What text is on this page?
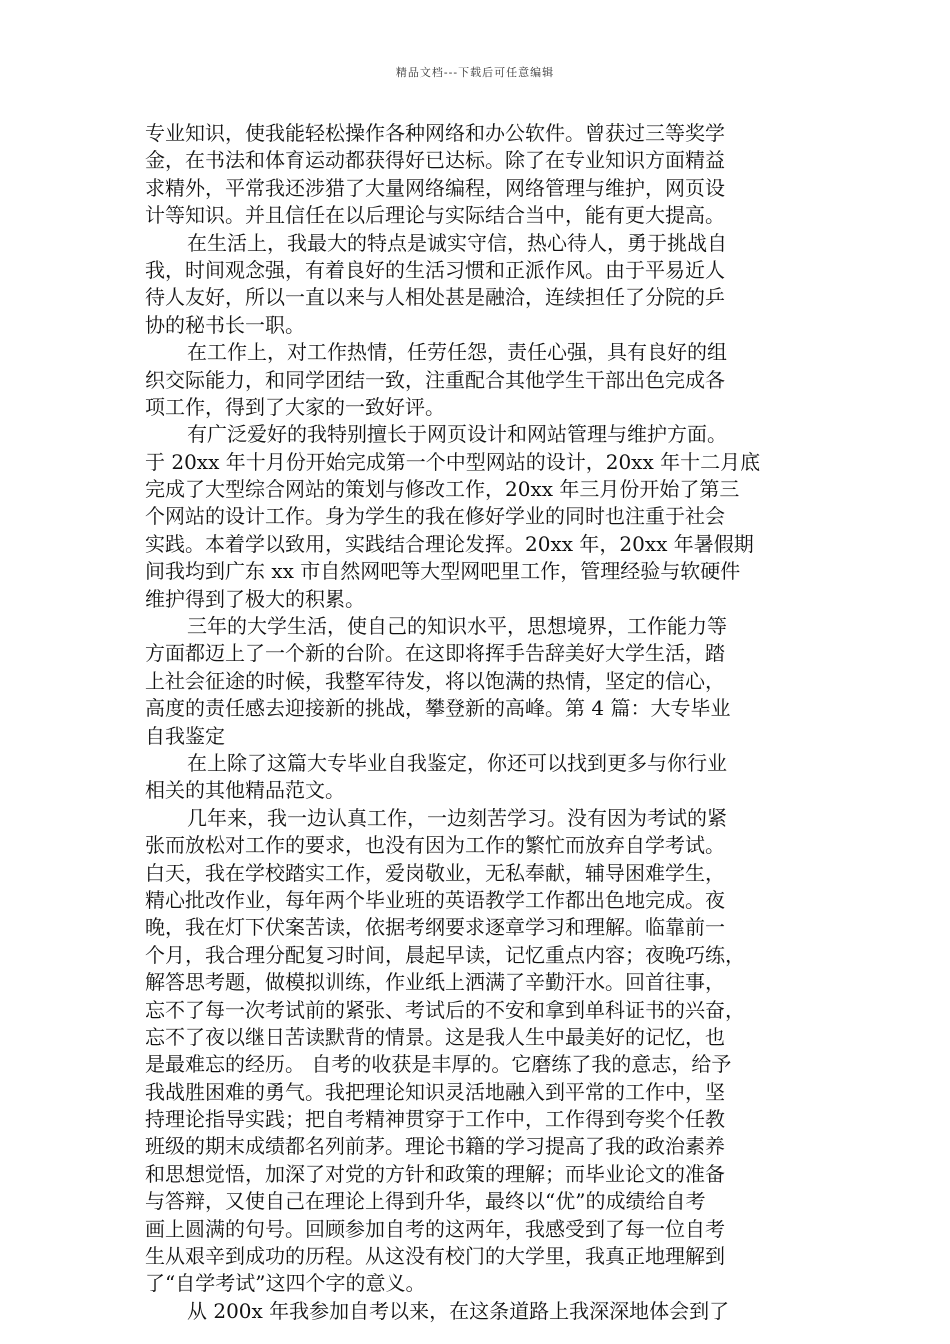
精品文档---下载后可任意编辑
专业知识，使我能轻松操作各种网络和办公软件。曾获过三等奖学
金，在书法和体育运动都获得好已达标。除了在专业知识方面精益
求精外，平常我还涉猎了大量网络编程，网络管理与维护，网页设
计等知识。并且信任在以后理论与实际结合当中，能有更大提高。
在生活上，我最大的特点是诚实守信，热心待人，勇于挑战自
我，时间观念强，有着良好的生活习惯和正派作风。由于平易近人
待人友好，所以一直以来与人相处甚是融洽，连续担任了分院的乒
协的秘书长一职。
在工作上，对工作热情，任劳任怨，责任心强，具有良好的组
织交际能力，和同学团结一致，注重配合其他学生干部出色完成各
项工作，得到了大家的一致好评。
有广泛爱好的我特别擅长于网页设计和网站管理与维护方面。
于 20xx 年十月份开始完成第一个中型网站的设计，20xx 年十二月底
完成了大型综合网站的策划与修改工作，20xx 年三月份开始了第三
个网站的设计工作。身为学生的我在修好学业的同时也注重于社会
实践。本着学以致用，实践结合理论发挥。20xx 年，20xx 年暑假期
间我均到广东 xx 市自然网吧等大型网吧里工作，管理经验与软硬件
维护得到了极大的积累。
三年的大学生活，使自己的知识水平，思想境界，工作能力等
方面都迈上了一个新的台阶。在这即将挥手告辞美好大学生活，踏
上社会征途的时候，我整军待发，将以饱满的热情，坚定的信心，
高度的责任感去迎接新的挑战，攀登新的高峰。第 4 篇：大专毕业
自我鉴定
在上除了这篇大专毕业自我鉴定，你还可以找到更多与你行业
相关的其他精品范文。
几年来，我一边认真工作，一边刻苦学习。没有因为考试的紧
张而放松对工作的要求，也没有因为工作的繁忙而放弃自学考试。
白天，我在学校踏实工作，爱岗敬业，无私奉献，辅导困难学生，
精心批改作业，每年两个毕业班的英语教学工作都出色地完成。夜
晚，我在灯下伏案苦读，依据考纲要求逐章学习和理解。临靠前一
个月，我合理分配复习时间，晨起早读，记忆重点内容；夜晚巧练，
解答思考题，做模拟训练，作业纸上洒满了辛勤汗水。回首往事，
忘不了每一次考试前的紧张、考试后的不安和拿到单科证书的兴奋，
忘不了夜以继日苦读默背的情景。这是我人生中最美好的记忆，也
是最难忘的经历。 自考的收获是丰厚的。它磨练了我的意志，给予
我战胜困难的勇气。我把理论知识灵活地融入到平常的工作中，坚
持理论指导实践；把自考精神贯穿于工作中，工作得到夸奖个任教
班级的期末成绩都名列前茅。理论书籍的学习提高了我的政治素养
和思想觉悟，加深了对党的方针和政策的理解；而毕业论文的准备
与答辩，又使自己在理论上得到升华，最终以“优”的成绩给自考
画上圆满的句号。回顾参加自考的这两年，我感受到了每一位自考
生从艰辛到成功的历程。从这没有校门的大学里，我真正地理解到
了“自学考试”这四个字的意义。
从 200x 年我参加自考以来，在这条道路上我深深地体会到了
